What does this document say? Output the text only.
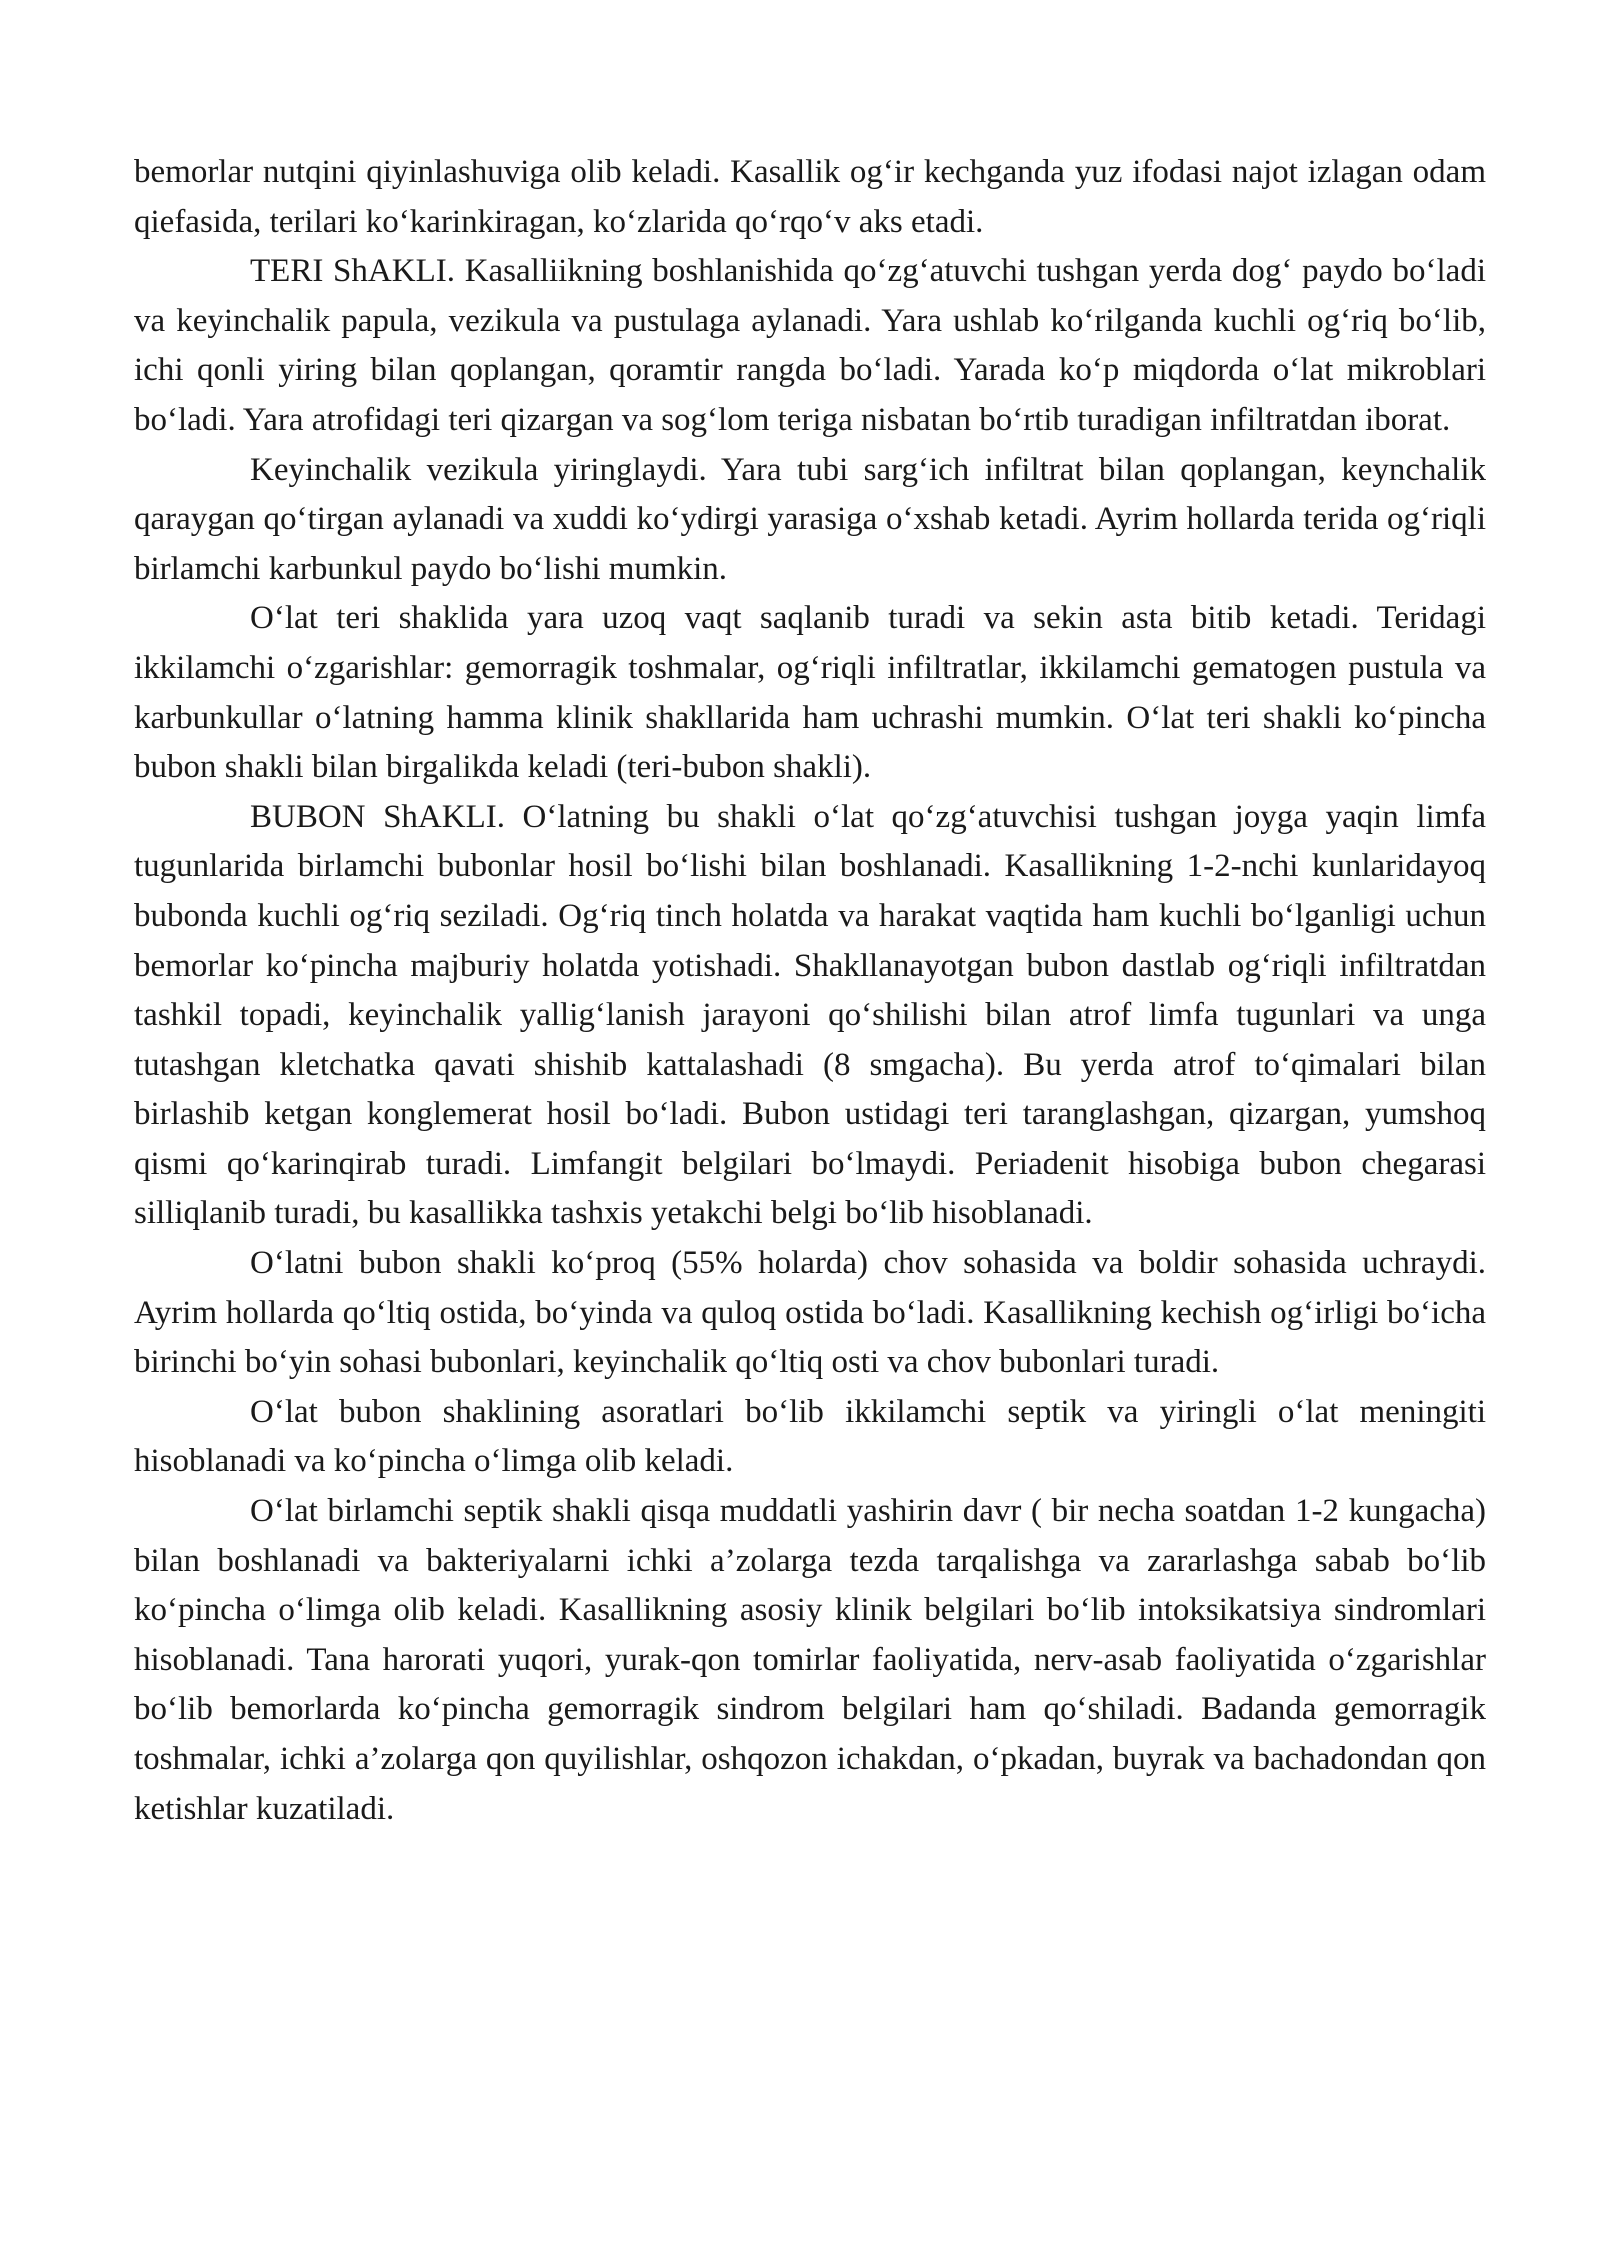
bemorlar nutqini qiyinlashuviga olib keladi. Kasallik og‘ir kechganda yuz ifodasi najot izlagan odam qiefasida, terilari ko‘karinkiragan, ko‘zlarida qo‘rqo‘v aks etadi.

TERI ShAKLI. Kasalliikning boshlanishida qo‘zg‘atuvchi tushgan yerda dog‘ paydo bo‘ladi va keyinchalik papula, vezikula va pustulaga aylanadi. Yara ushlab ko‘rilganda kuchli og‘riq bo‘lib, ichi qonli yiring bilan qoplangan, qoramtir rangda bo‘ladi. Yarada ko‘p miqdorda o‘lat mikroblari bo‘ladi. Yara atrofidagi teri qizargan va sog‘lom teriga nisbatan bo‘rtib turadigan infiltratdan iborat.

Keyinchalik vezikula yiringlaydi. Yara tubi sarg‘ich infiltrat bilan qoplangan, keynchalik qaraygan qo‘tirgan aylanadi va xuddi ko‘ydirgi yarasiga o‘xshab ketadi. Ayrim hollarda terida og‘riqli birlamchi karbunkul paydo bo‘lishi mumkin.

O‘lat teri shaklida yara uzoq vaqt saqlanib turadi va sekin asta bitib ketadi. Teridagi ikkilamchi o‘zgarishlar: gemorragik toshmalar, og‘riqli infiltratlar, ikkilamchi gematogen pustula va karbunkullar o‘latning hamma klinik shakllarida ham uchrashi mumkin. O‘lat teri shakli ko‘pincha bubon shakli bilan birgalikda keladi (teri-bubon shakli).

BUBON ShAKLI. O‘latning bu shakli o‘lat qo‘zg‘atuvchisi tushgan joyga yaqin limfa tugunlarida birlamchi bubonlar hosil bo‘lishi bilan boshlanadi. Kasallikning 1-2-nchi kunlaridayoq bubonda kuchli og‘riq seziladi. Og‘riq tinch holatda va harakat vaqtida ham kuchli bo‘lganligi uchun bemorlar ko‘pincha majburiy holatda yotishadi. Shakllanayotgan bubon dastlab og‘riqli infiltratdan tashkil topadi, keyinchalik yallig‘lanish jarayoni qo‘shilishi bilan atrof limfa tugunlari va unga tutashgan kletchatka qavati shishib kattalashadi (8 smgacha). Bu yerda atrof to‘qimalari bilan birlashib ketgan konglemerat hosil bo‘ladi. Bubon ustidagi teri taranglashgan, qizargan, yumshoq qismi qo‘karinqirab turadi. Limfangit belgilari bo‘lmaydi. Periadenit hisobiga bubon chegarasi silliqlanib turadi, bu kasallikka tashxis yetakchi belgi bo‘lib hisoblanadi.

O‘latni bubon shakli ko‘proq (55% holarda) chov sohasida va boldir sohasida uchraydi. Ayrim hollarda qo‘ltiq ostida, bo‘yinda va quloq ostida bo‘ladi. Kasallikning kechish og‘irligi bo‘icha birinchi bo‘yin sohasi bubonlari, keyinchalik qo‘ltiq osti va chov bubonlari turadi.

O‘lat bubon shaklining asoratlari bo‘lib ikkilamchi septik va yiringli o‘lat meningiti hisoblanadi va ko‘pincha o‘limga olib keladi.

O‘lat birlamchi septik shakli qisqa muddatli yashirin davr ( bir necha soatdan 1-2 kungacha) bilan boshlanadi va bakteriyalarni ichki a’zolarga tezda tarqalishga va zararlashga sabab bo‘lib ko‘pincha o‘limga olib keladi. Kasallikning asosiy klinik belgilari bo‘lib intoksikatsiya sindromlari hisoblanadi. Tana harorati yuqori, yurak-qon tomirlar faoliyatida, nerv-asab faoliyatida o‘zgarishlar bo‘lib bemorlarda ko‘pincha gemorragik sindrom belgilari ham qo‘shiladi. Badanda gemorragik toshmalar, ichki a’zolarga qon quyilishlar, oshqozon ichakdan, o‘pkadan, buyrak va bachadondan qon ketishlar kuzatiladi.
